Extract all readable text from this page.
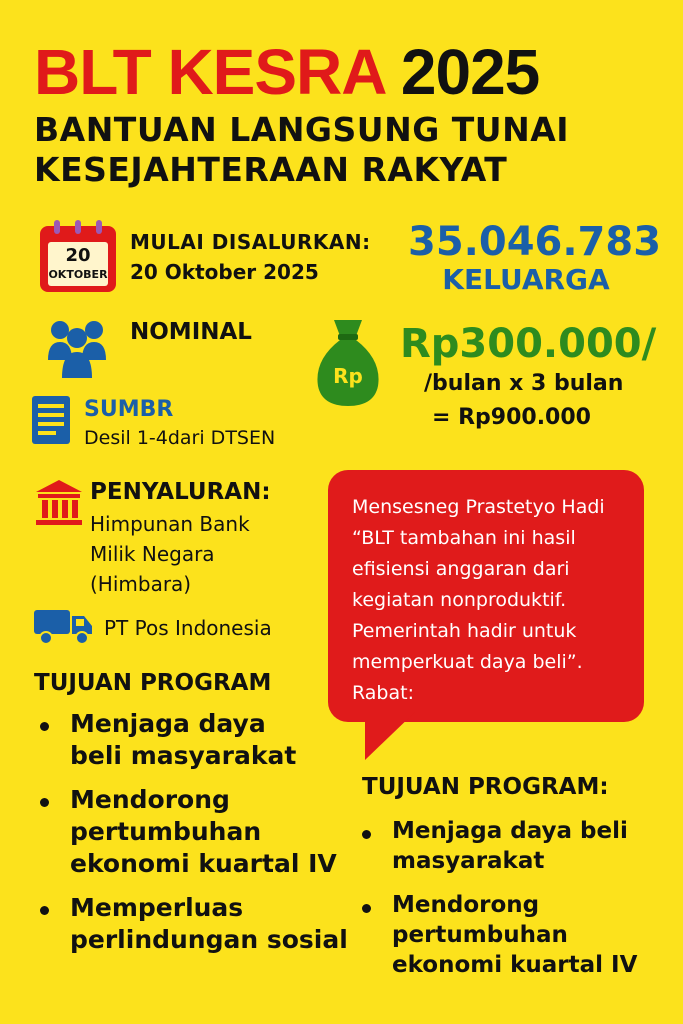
BLT KESRA 2025
BANTUAN LANGSUNG TUNAI
KESEJAHTERAAN RAKYAT
20
OKTOBER
MULAI DISALURKAN:
20 Oktober 2025
35.046.783
KELUARGA
NOMINAL
Rp
Rp300.000/
/bulan x 3 bulan
= Rp900.000
SUMBR
Desil 1-4dari DTSEN
PENYALURAN:
Himpunan Bank
Milik Negara
(Himbara)
PT Pos Indonesia
Mensesneg Prastetyo Hadi
“BLT tambahan ini hasil
efisiensi anggaran dari
kegiatan nonproduktif.
Pemerintah hadir untuk
memperkuat daya beli”.
Rabat:
TUJUAN PROGRAM
Menjaga daya
beli masyarakat
Mendorong
pertumbuhan
ekonomi kuartal IV
Memperluas
perlindungan sosial
TUJUAN PROGRAM:
Menjaga daya beli
masyarakat
Mendorong
pertumbuhan
ekonomi kuartal IV
